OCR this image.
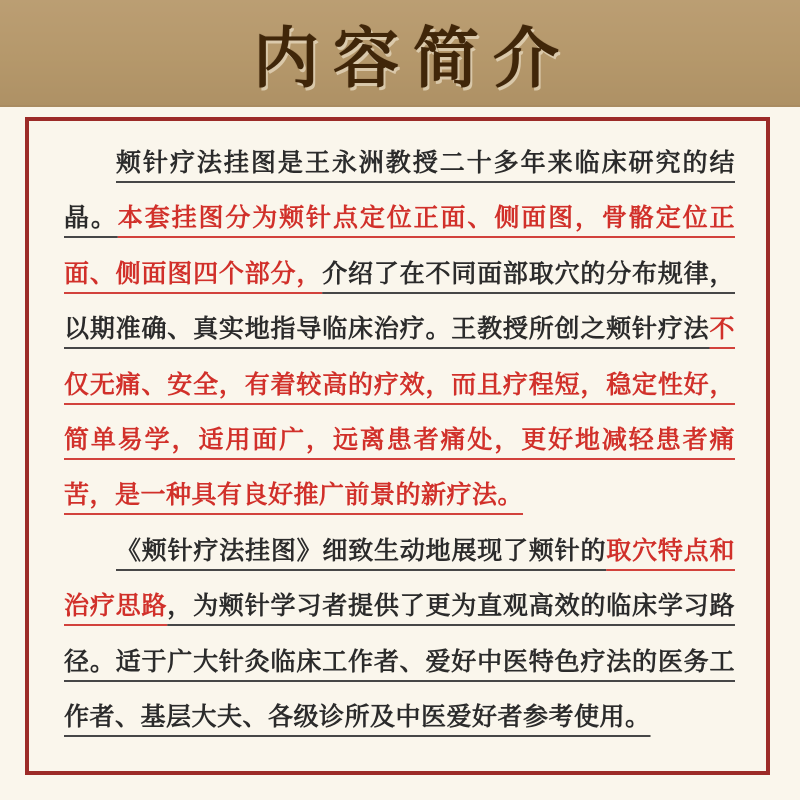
内容简介
颊针疗法挂图是王永洲教授二十多年来临床研究的结
晶。本套挂图分为颊针点定位正面、侧面图，骨骼定位正
面、侧面图四个部分，介绍了在不同面部取穴的分布规律，
以期准确、真实地指导临床治疗。王教授所创之颊针疗法不
仅无痛、安全，有着较高的疗效，而且疗程短，稳定性好，
简单易学，适用面广，远离患者痛处，更好地减轻患者痛
苦，是一种具有良好推广前景的新疗法。
《颊针疗法挂图》细致生动地展现了颊针的取穴特点和
治疗思路，为颊针学习者提供了更为直观高效的临床学习路
径。适于广大针灸临床工作者、爱好中医特色疗法的医务工
作者、基层大夫、各级诊所及中医爱好者参考使用。
